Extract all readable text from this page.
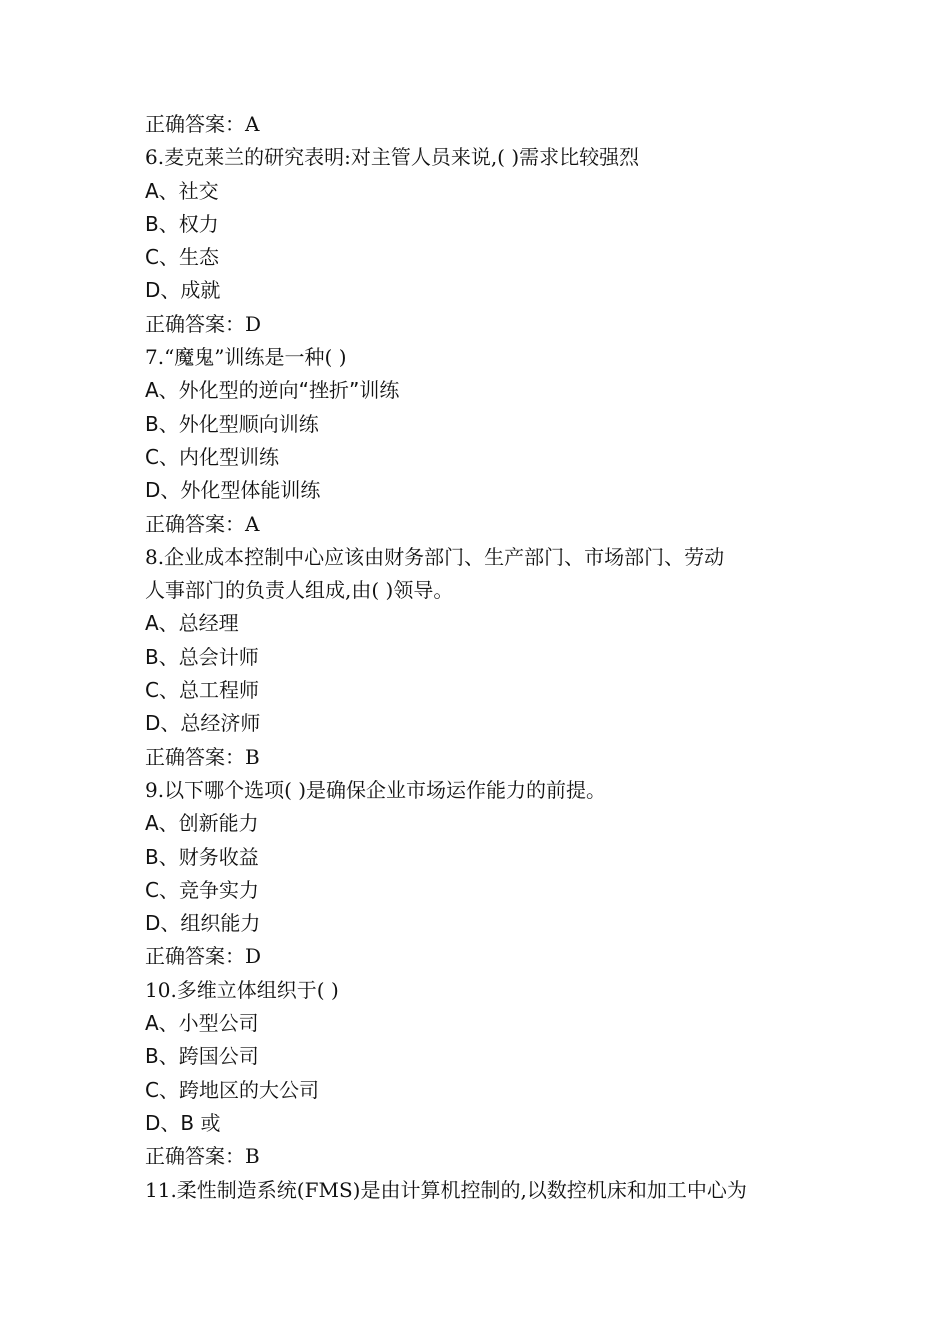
正确答案：A
6.麦克莱兰的研究表明:对主管人员来说,( )需求比较强烈
A、社交
B、权力
C、生态
D、成就
正确答案：D
7.“魔鬼”训练是一种( )
A、外化型的逆向“挫折”训练
B、外化型顺向训练
C、内化型训练
D、外化型体能训练
正确答案：A
8.企业成本控制中心应该由财务部门、生产部门、市场部门、劳动
人事部门的负责人组成,由( )领导。
A、总经理
B、总会计师
C、总工程师
D、总经济师
正确答案：B
9.以下哪个选项( )是确保企业市场运作能力的前提。
A、创新能力
B、财务收益
C、竞争实力
D、组织能力
正确答案：D
10.多维立体组织于( )
A、小型公司
B、跨国公司
C、跨地区的大公司
D、B 或
正确答案：B
11.柔性制造系统(FMS)是由计算机控制的,以数控机床和加工中心为
